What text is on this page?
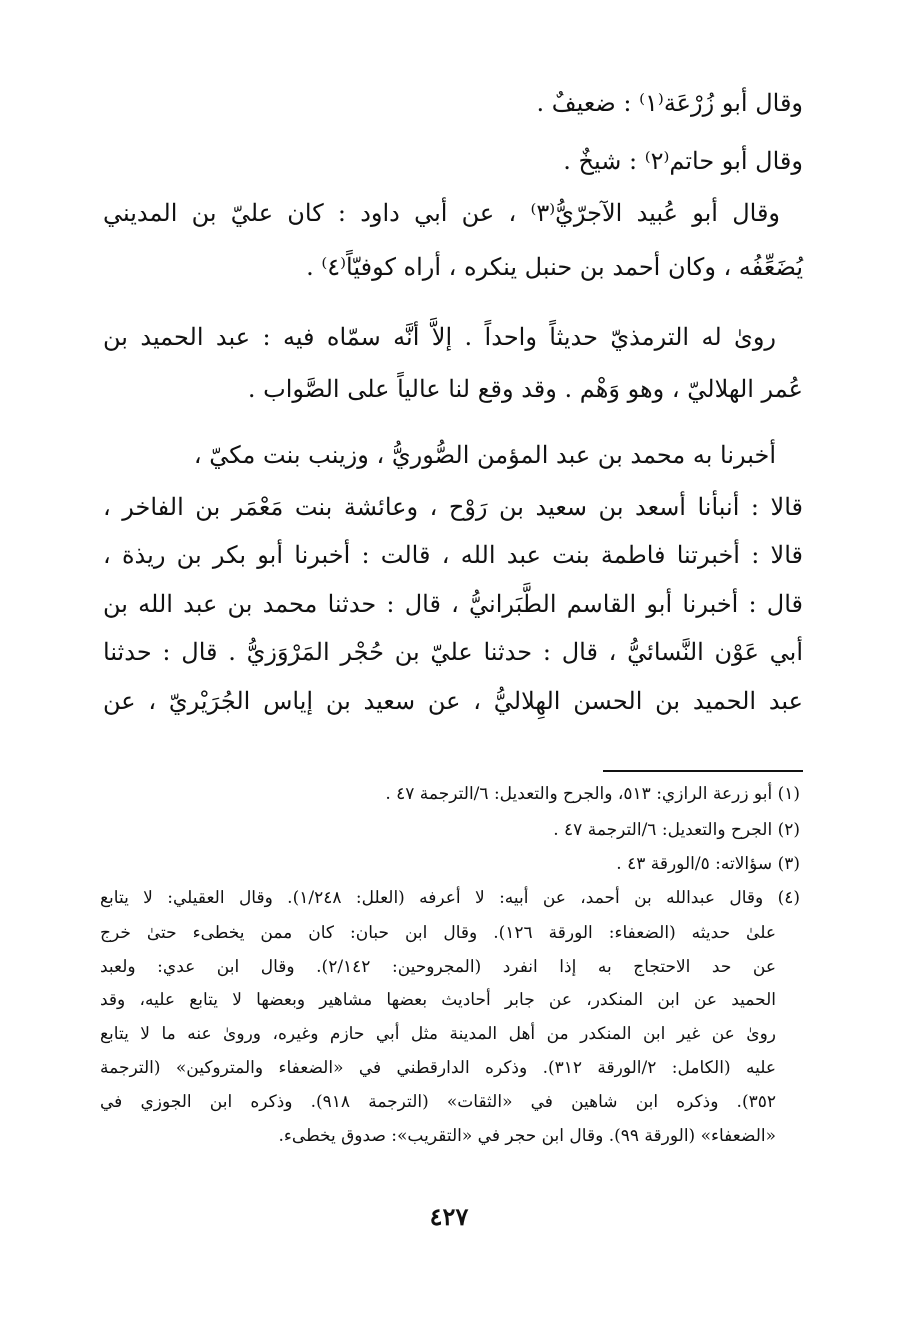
وقال أبو زُرْعَة⁽١⁾ : ضعيفٌ .
وقال أبو حاتم⁽٢⁾ : شيخٌ .
وقال أبو عُبيد الآجرّيُّ⁽٣⁾ ، عن أبي داود : كان عليّ بن المديني
يُضَعِّفُه ، وكان أحمد بن حنبل ينكره ، أراه كوفيّاً⁽٤⁾ .
روىٰ له الترمذيّ حديثاً واحداً . إلاَّ أنَّه سمّاه فيه : عبد الحميد بن
عُمر الهلاليّ ، وهو وَهْم . وقد وقع لنا عالياً على الصَّواب .
أخبرنا به محمد بن عبد المؤمن الصُّوريُّ ، وزينب بنت مكيّ ،
قالا : أنبأنا أسعد بن سعيد بن رَوْح ، وعائشة بنت مَعْمَر بن الفاخر ،
قالا : أخبرتنا فاطمة بنت عبد الله ، قالت : أخبرنا أبو بكر بن ريذة ،
قال : أخبرنا أبو القاسم الطَّبَرانيُّ ، قال : حدثنا محمد بن عبد الله بن
أبي عَوْن النَّسائيُّ ، قال : حدثنا عليّ بن حُجْر المَرْوَزيُّ . قال : حدثنا
عبد الحميد بن الحسن الهِلاليُّ ، عن سعيد بن إياس الجُرَيْريّ ، عن
(١) أبو زرعة الرازي: ٥١٣، والجرح والتعديل: ٦/الترجمة ٤٧ .
(٢) الجرح والتعديل: ٦/الترجمة ٤٧ .
(٣) سؤالاته: ٥/الورقة ٤٣ .
(٤) وقال عبدالله بن أحمد، عن أبيه: لا أعرفه (العلل: ١/٢٤٨). وقال العقيلي: لا يتابع
علىٰ حديثه (الضعفاء: الورقة ١٢٦). وقال ابن حبان: كان ممن يخطىء حتىٰ خرج
عن حد الاحتجاج به إذا انفرد (المجروحين: ٢/١٤٢). وقال ابن عدي: ولعبد
الحميد عن ابن المنكدر، عن جابر أحاديث بعضها مشاهير وبعضها لا يتابع عليه، وقد
روىٰ عن غير ابن المنكدر من أهل المدينة مثل أبي حازم وغيره، وروىٰ عنه ما لا يتابع
عليه (الكامل: ٢/الورقة ٣١٢). وذكره الدارقطني في «الضعفاء والمتروكين» (الترجمة
٣٥٢). وذكره ابن شاهين في «الثقات» (الترجمة ٩١٨). وذكره ابن الجوزي في
«الضعفاء» (الورقة ٩٩). وقال ابن حجر في «التقريب»: صدوق يخطىء.
٤٢٧
